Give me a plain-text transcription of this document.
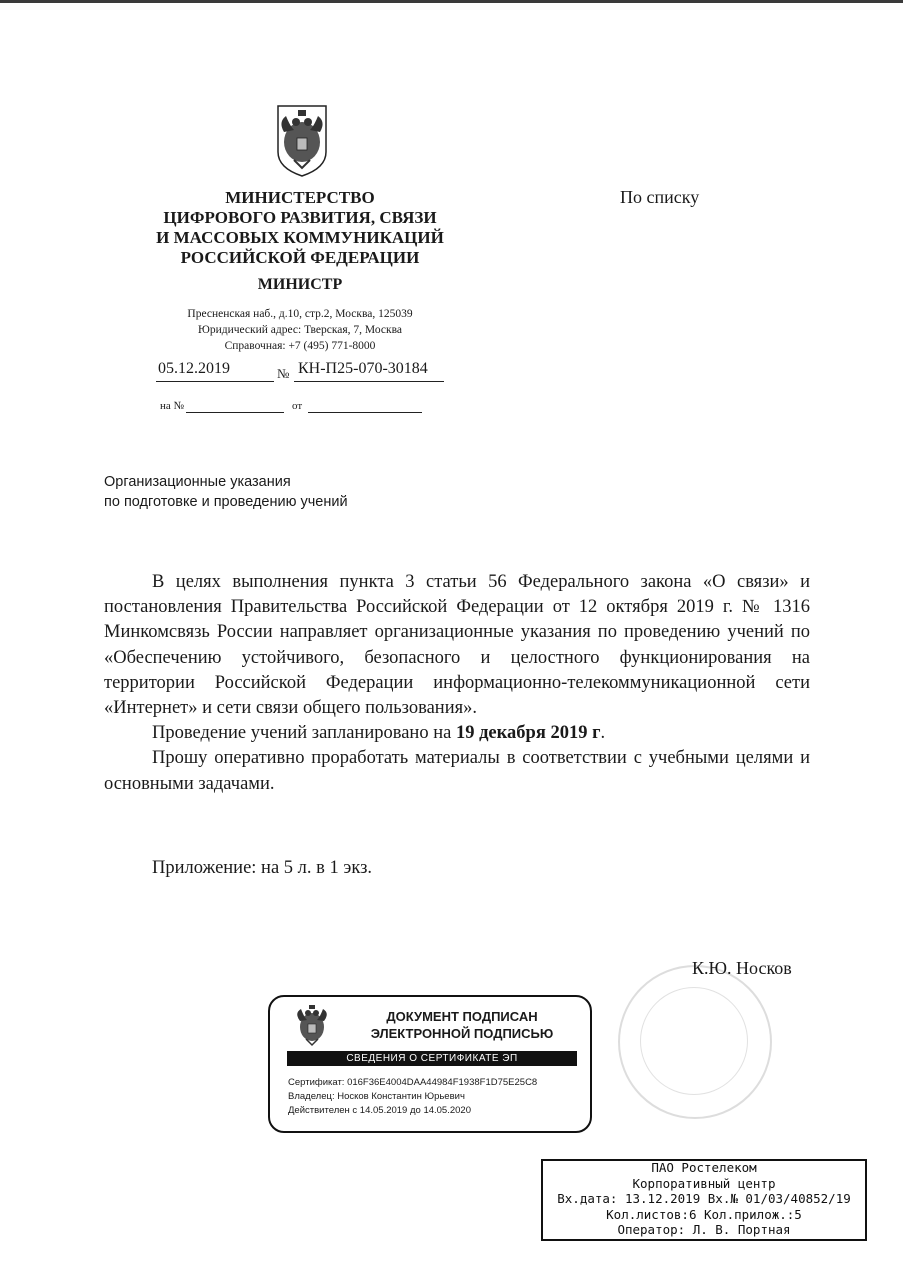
МИНИСТЕРСТВО
ЦИФРОВОГО РАЗВИТИЯ, СВЯЗИ
И МАССОВЫХ КОММУНИКАЦИЙ
РОССИЙСКОЙ ФЕДЕРАЦИИ
МИНИСТР
Пресненская наб., д.10, стр.2, Москва, 125039
Юридический адрес: Тверская, 7, Москва
Справочная: +7 (495) 771-8000
05.12.2019	№ КН-П25-070-30184
на №	от
По списку
Организационные указания
по подготовке и проведению учений

В целях выполнения пункта 3 статьи 56 Федерального закона «О связи» и постановления Правительства Российской Федерации от 12 октября 2019 г. № 1316 Минкомсвязь России направляет организационные указания по проведению учений по «Обеспечению устойчивого, безопасного и целостного функционирования на территории Российской Федерации информационно-телекоммуникационной сети «Интернет» и сети связи общего пользования».

Проведение учений запланировано на 19 декабря 2019 г.

Прошу оперативно проработать материалы в соответствии с учебными целями и основными задачами.

Приложение: на 5 л. в 1 экз.
К.Ю. Носков
ДОКУМЕНТ ПОДПИСАН
ЭЛЕКТРОННОЙ ПОДПИСЬЮ
СВЕДЕНИЯ О СЕРТИФИКАТЕ ЭП
Сертификат: 016F36E4004DAA44984F1938F1D75E25C8
Владелец: Носков Константин Юрьевич
Действителен с 14.05.2019 до 14.05.2020
ПАО Ростелеком
Корпоративный центр
Вх.дата: 13.12.2019 Вх.№ 01/03/40852/19
Кол.листов:6 Кол.прилож.:5
Оператор: Л. В. Портная
